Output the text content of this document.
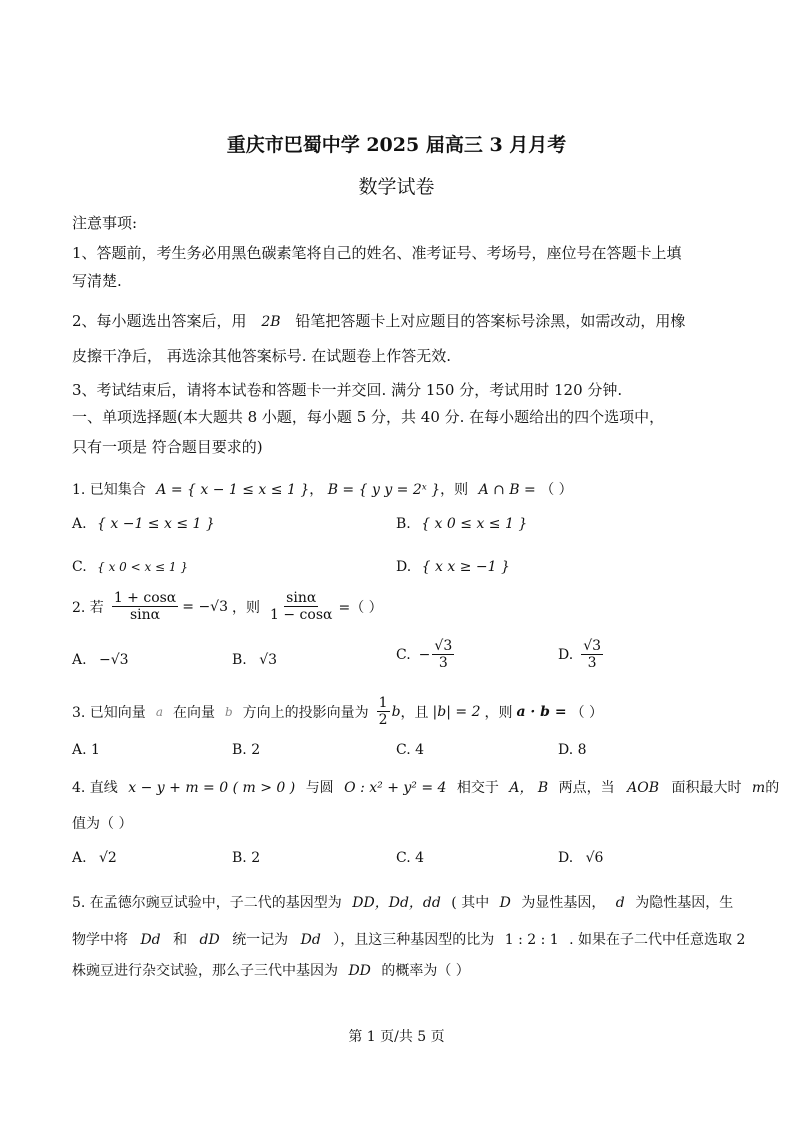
重庆市巴蜀中学 2025 届高三 3 月月考
数学试卷
注意事项:
1、答题前，考生务必用黑色碳素笔将自己的姓名、准考证号、考场号，座位号在答题卡上填
写清楚.
2、每小题选出答案后，用 2B 铅笔把答题卡上对应题目的答案标号涂黑，如需改动，用橡
皮擦干净后， 再选涂其他答案标号. 在试题卷上作答无效.
3、考试结束后，请将本试卷和答题卡一并交回. 满分 150 分，考试用时 120 分钟.
一、单项选择题(本大题共 8 小题，每小题 5 分，共 40 分. 在每小题给出的四个选项中，
只有一项是 符合题目要求的)
1. 已知集合 A = { x − 1 ≤ x ≤ 1 }， B = { y y = 2ˣ }，则 A ∩ B = （ ）
A. { x −1 ≤ x ≤ 1 }	B. { x 0 ≤ x ≤ 1 }
C. { x 0 < x ≤ 1 }	D. { x x ≥ −1 }
2. 若 $\frac{1 + \cos\alpha}{\sin\alpha} = -√3$ ，则 $\frac{\sin\alpha}{1 - \cos\alpha}$ =（ ）
A. −√3	B. √3	C. − $\frac{√3}{3}$	D. $\frac{√3}{3}$
3. 已知向量 a 在向量 b 方向上的投影向量为 $\frac{1}{2}$ b ，且 |b| = 2 ，则 a · b = （ ）
A. 1	B. 2	C. 4	D. 8
4. 直线 x − y + m = 0 ( m > 0 ) 与圆 O : x² + y² = 4 相交于 A， B 两点，当 AOB 面积最大时 m的
值为（ ）
A. √2	B. 2	C. 4	D. √6
5. 在孟德尔豌豆试验中，子二代的基因型为 DD，Dd，dd ( 其中 D 为显性基因， d 为隐性基因，生
物学中将 Dd 和 dD 统一记为 Dd ），且这三种基因型的比为 1 : 2 : 1 . 如果在子二代中任意选取 2
株豌豆进行杂交试验，那么子三代中基因为 DD 的概率为（ ）
第 1 页/共 5 页
